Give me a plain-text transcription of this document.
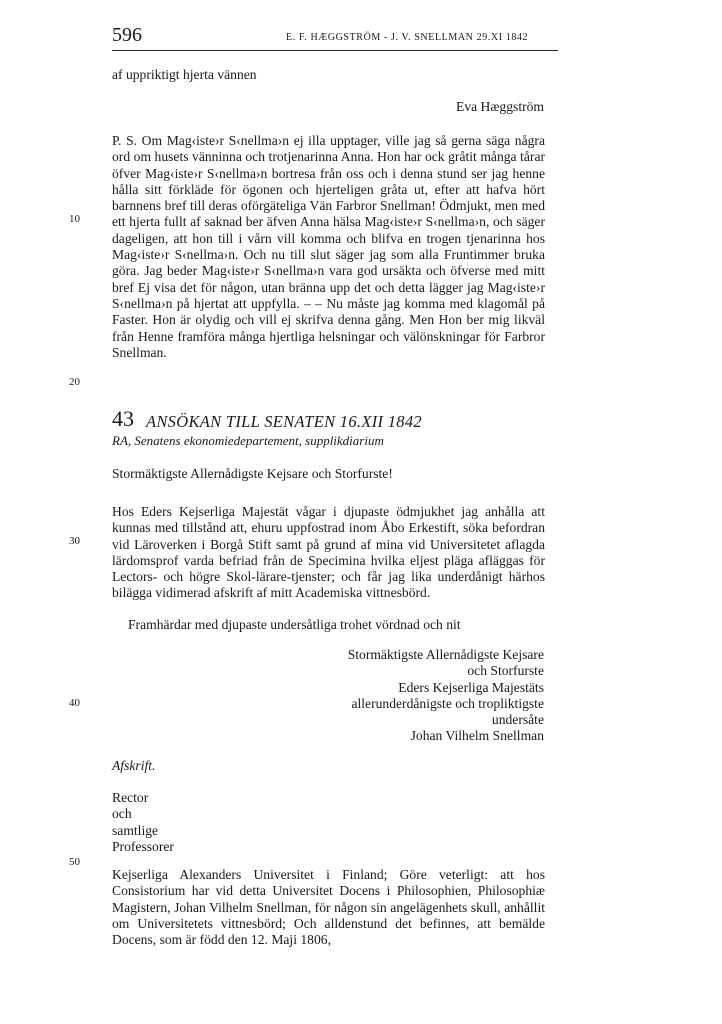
596	E. F. HÆGGSTRÖM - J. V. SNELLMAN 29.XI 1842
10
20
30
40
50
af uppriktigt hjerta vännen
Eva Hæggström
P. S. Om Mag‹iste›r S‹nellma›n ej illa upptager, ville jag så gerna säga några ord om husets vänninna och trotjenarinna Anna. Hon har ock gråtit många tårar öfver Mag‹iste›r S‹nellma›n bortresa från oss och i denna stund ser jag henne hålla sitt förkläde för ögonen och hjerteligen gråta ut, efter att hafva hört barnnens bref till deras oförgäteliga Vän Farbror Snellman! Ödmjukt, men med ett hjerta fullt af saknad ber äfven Anna hälsa Mag‹iste›r S‹nellma›n, och säger dageligen, att hon till i vårn vill komma och blifva en trogen tjenarinna hos Mag‹iste›r S‹nellma›n. Och nu till slut säger jag som alla Fruntimmer bruka göra. Jag beder Mag‹iste›r S‹nellma›n vara god ursäkta och öfverse med mitt bref Ej visa det för någon, utan bränna upp det och detta lägger jag Mag‹iste›r S‹nellma›n på hjertat att uppfylla. – – Nu måste jag komma med klagomål på Faster. Hon är olydig och vill ej skrifva denna gång. Men Hon ber mig likväl från Henne framföra många hjertliga helsningar och välönskningar för Farbror Snellman.
43 ANSÖKAN TILL SENATEN 16.XII 1842
RA, Senatens ekonomiedepartement, supplikdiarium
Stormäktigste Allernådigste Kejsare och Storfurste!
Hos Eders Kejserliga Majestät vågar i djupaste ödmjukhet jag anhålla att kunnas med tillstånd att, ehuru uppfostrad inom Åbo Erkestift, söka befordran vid Läroverken i Borgå Stift samt på grund af mina vid Universitetet aflagda lärdomsprof varda befriad från de Specimina hvilka eljest pläga afläggas för Lectors- och högre Skol-lärare-tjenster; och får jag lika underdånigt härhos bilägga vidimerad afskrift af mitt Academiska vittnesbörd.
Framhärdar med djupaste undersåtliga trohet vördnad och nit
Stormäktigste Allernådigste Kejsare
och Storfurste
Eders Kejserliga Majestäts
allerunderdånigste och tropliktigste
undersåte
Johan Vilhelm Snellman
Afskrift.
Rector
och
samtlige
Professorer
Kejserliga Alexanders Universitet i Finland; Göre veterligt: att hos Consistorium har vid detta Universitet Docens i Philosophien, Philosophiæ Magistern, Johan Vilhelm Snellman, för någon sin angelägenhets skull, anhållit om Universitetets vittnesbörd; Och alldenstund det befinnes, att bemälde Docens, som är född den 12. Maji 1806,
